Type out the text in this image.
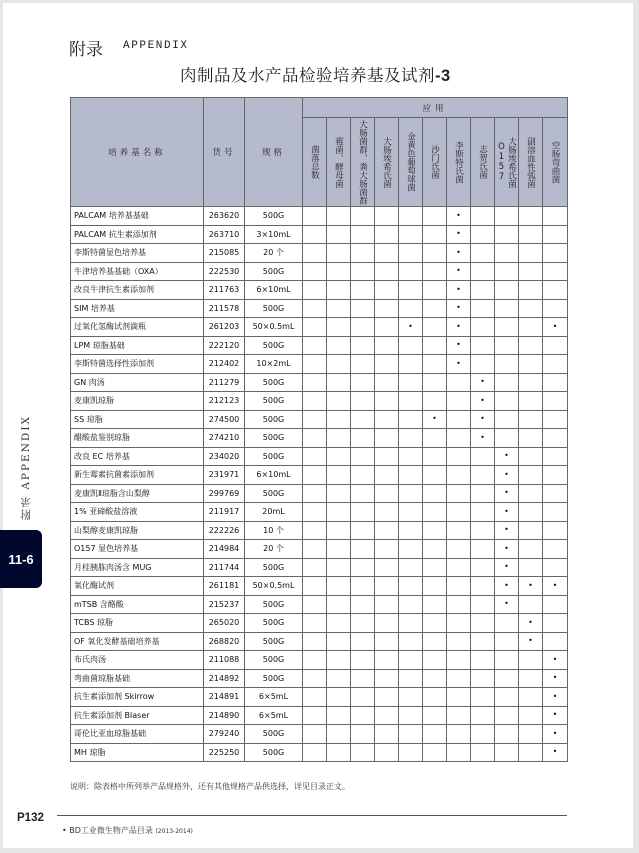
附录 APPENDIX
肉制品及水产品检验培养基及试剂-3
培养基名称	货号	规格	应用										

			菌落总数	霉菌、酵母菌	大肠菌群、粪大肠菌群	大肠埃希氏菌	金黄色葡萄球菌	沙门氏菌	李斯特氏菌	志贺氏菌	大肠埃希氏菌 O157	副溶血性弧菌	空肠弯曲菌

PALCAM 培养基基础	263620	500G							•				
PALCAM 抗生素添加剂	263710	3×10mL							•				
李斯特菌显色培养基	215085	20 个							•				
牛津培养基基础（OXA）	222530	500G							•				
改良牛津抗生素添加剂	211763	6×10mL							•				
SIM 培养基	211578	500G							•				
过氧化氢酶试剂滴瓶	261203	50×0.5mL					•		•				•
LPM 琼脂基础	222120	500G							•				
李斯特菌选择性添加剂	212402	10×2mL							•				
GN 肉汤	211279	500G								•			
麦康凯琼脂	212123	500G								•			
SS 琼脂	274500	500G						•		•			
醋酸盐鉴别琼脂	274210	500G								•			
改良 EC 培养基	234020	500G									•		
新生霉素抗菌素添加剂	231971	6×10mL									•		
麦康凯Ⅱ琼脂含山梨醇	299769	500G									•		
1% 亚碲酸盐溶液	211917	20mL									•		
山梨醇麦康凯琼脂	222226	10 个									•		
O157 显色培养基	214984	20 个									•		
月桂胰胨肉汤含 MUG	211744	500G									•		
氧化酶试剂	261181	50×0.5mL									•	•	•
mTSB 含酪酸	215237	500G									•		
TCBS 琼脂	265020	500G										•	
OF 氧化发酵基础培养基	268820	500G										•	
布氏肉汤	211088	500G											•
弯曲菌琼脂基础	214892	500G											•
抗生素添加剂 Skirrow	214891	6×5mL											•
抗生素添加剂 Blaser	214890	6×5mL											•
哥伦比亚血琼脂基础	279240	500G											•
MH 琼脂	225250	500G											•
说明：除表格中所列举产品规格外，还有其他规格产品供选择，详见目录正文。
附录 APPENDIX
11-6
P132
• BD工业微生物产品目录 (2013-2014)
